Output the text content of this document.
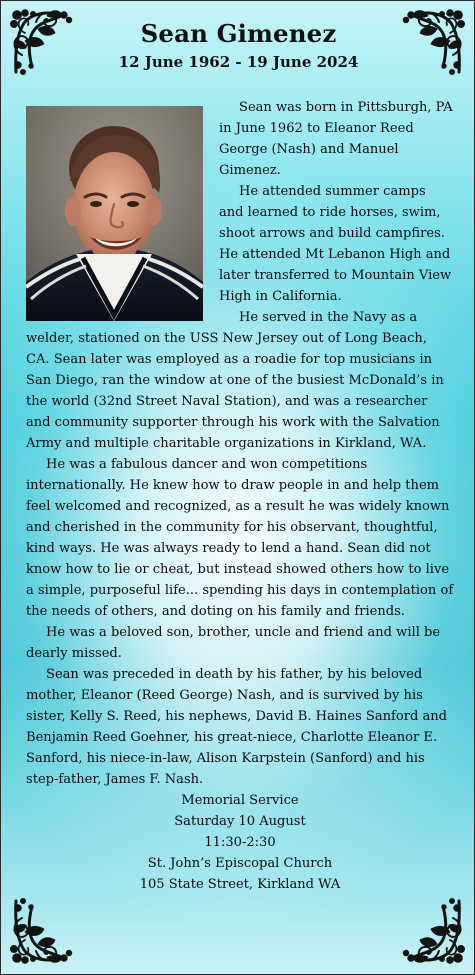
Sean Gimenez
12 June 1962 - 19 June 2024

Sean was born in Pittsburgh, PA in June 1962 to Eleanor Reed George (Nash) and Manuel Gimenez.

He attended summer camps and learned to ride horses, swim, shoot arrows and build campfires. He attended Mt Lebanon High and later transferred to Mountain View High in California.

He served in the Navy as a welder, stationed on the USS New Jersey out of Long Beach, CA. Sean later was employed as a roadie for top musicians in San Diego, ran the window at one of the busiest McDonald’s in the world (32nd Street Naval Station), and was a researcher and community supporter through his work with the Salvation Army and multiple charitable organizations in Kirkland, WA.

He was a fabulous dancer and won competitions internationally. He knew how to draw people in and help them feel welcomed and recognized, as a result he was widely known and cherished in the community for his observant, thoughtful, kind ways. He was always ready to lend a hand. Sean did not know how to lie or cheat, but instead showed others how to live a simple, purposeful life... spending his days in contemplation of the needs of others, and doting on his family and friends.

He was a beloved son, brother, uncle and friend and will be dearly missed.

Sean was preceded in death by his father, by his beloved mother, Eleanor (Reed George) Nash, and is survived by his sister, Kelly S. Reed, his nephews, David B. Haines Sanford and Benjamin Reed Goehner, his great-niece, Charlotte Eleanor E. Sanford, his niece-in-law, Alison Karpstein (Sanford) and his step-father, James F. Nash.

Memorial Service
Saturday 10 August
11:30-2:30
St. John’s Episcopal Church
105 State Street, Kirkland WA
